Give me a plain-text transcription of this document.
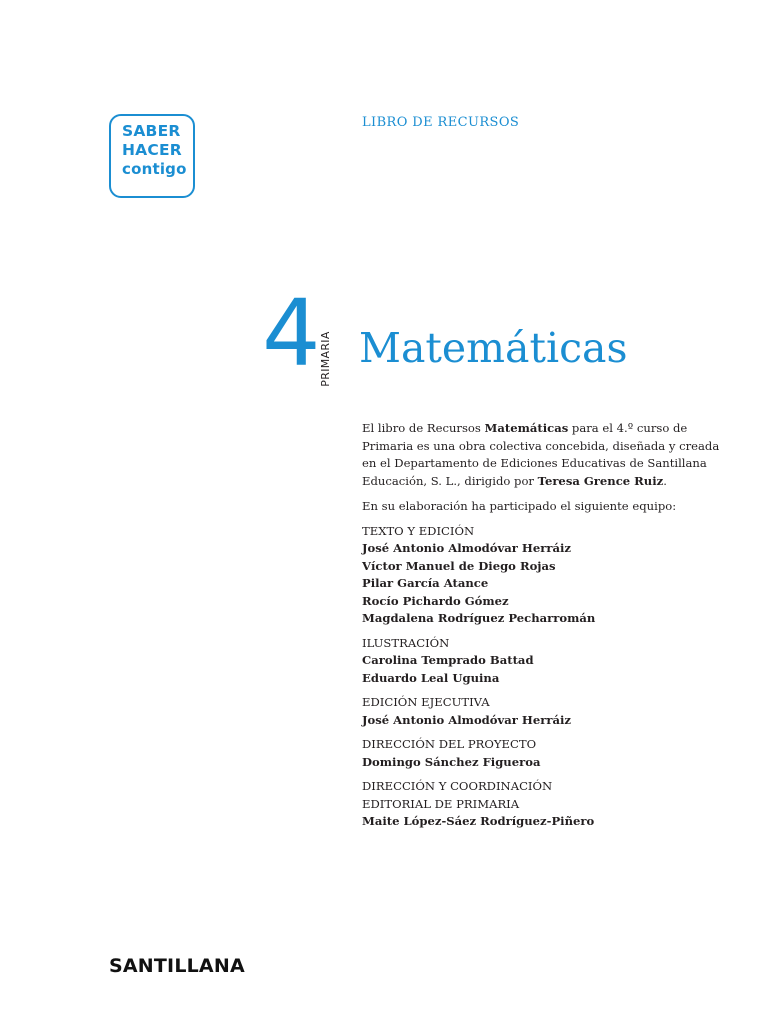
SABER
HACER
contigo
LIBRO DE RECURSOS
4
PRIMARIA Matemáticas

El libro de Recursos Matemáticas para el 4.º curso de Primaria es una obra colectiva concebida, diseñada y creada en el Departamento de Ediciones Educativas de Santillana Educación, S. L., dirigido por Teresa Grence Ruiz.

En su elaboración ha participado el siguiente equipo:

TEXTO Y EDICIÓN
José Antonio Almodóvar Herráiz
Víctor Manuel de Diego Rojas
Pilar García Atance
Rocío Pichardo Gómez
Magdalena Rodríguez Pecharromán
ILUSTRACIÓN
Carolina Temprado Battad
Eduardo Leal Uguina
EDICIÓN EJECUTIVA
José Antonio Almodóvar Herráiz
DIRECCIÓN DEL PROYECTO
Domingo Sánchez Figueroa
DIRECCIÓN Y COORDINACIÓN
EDITORIAL DE PRIMARIA
Maite López-Sáez Rodríguez-Piñero
SANTILLANA
